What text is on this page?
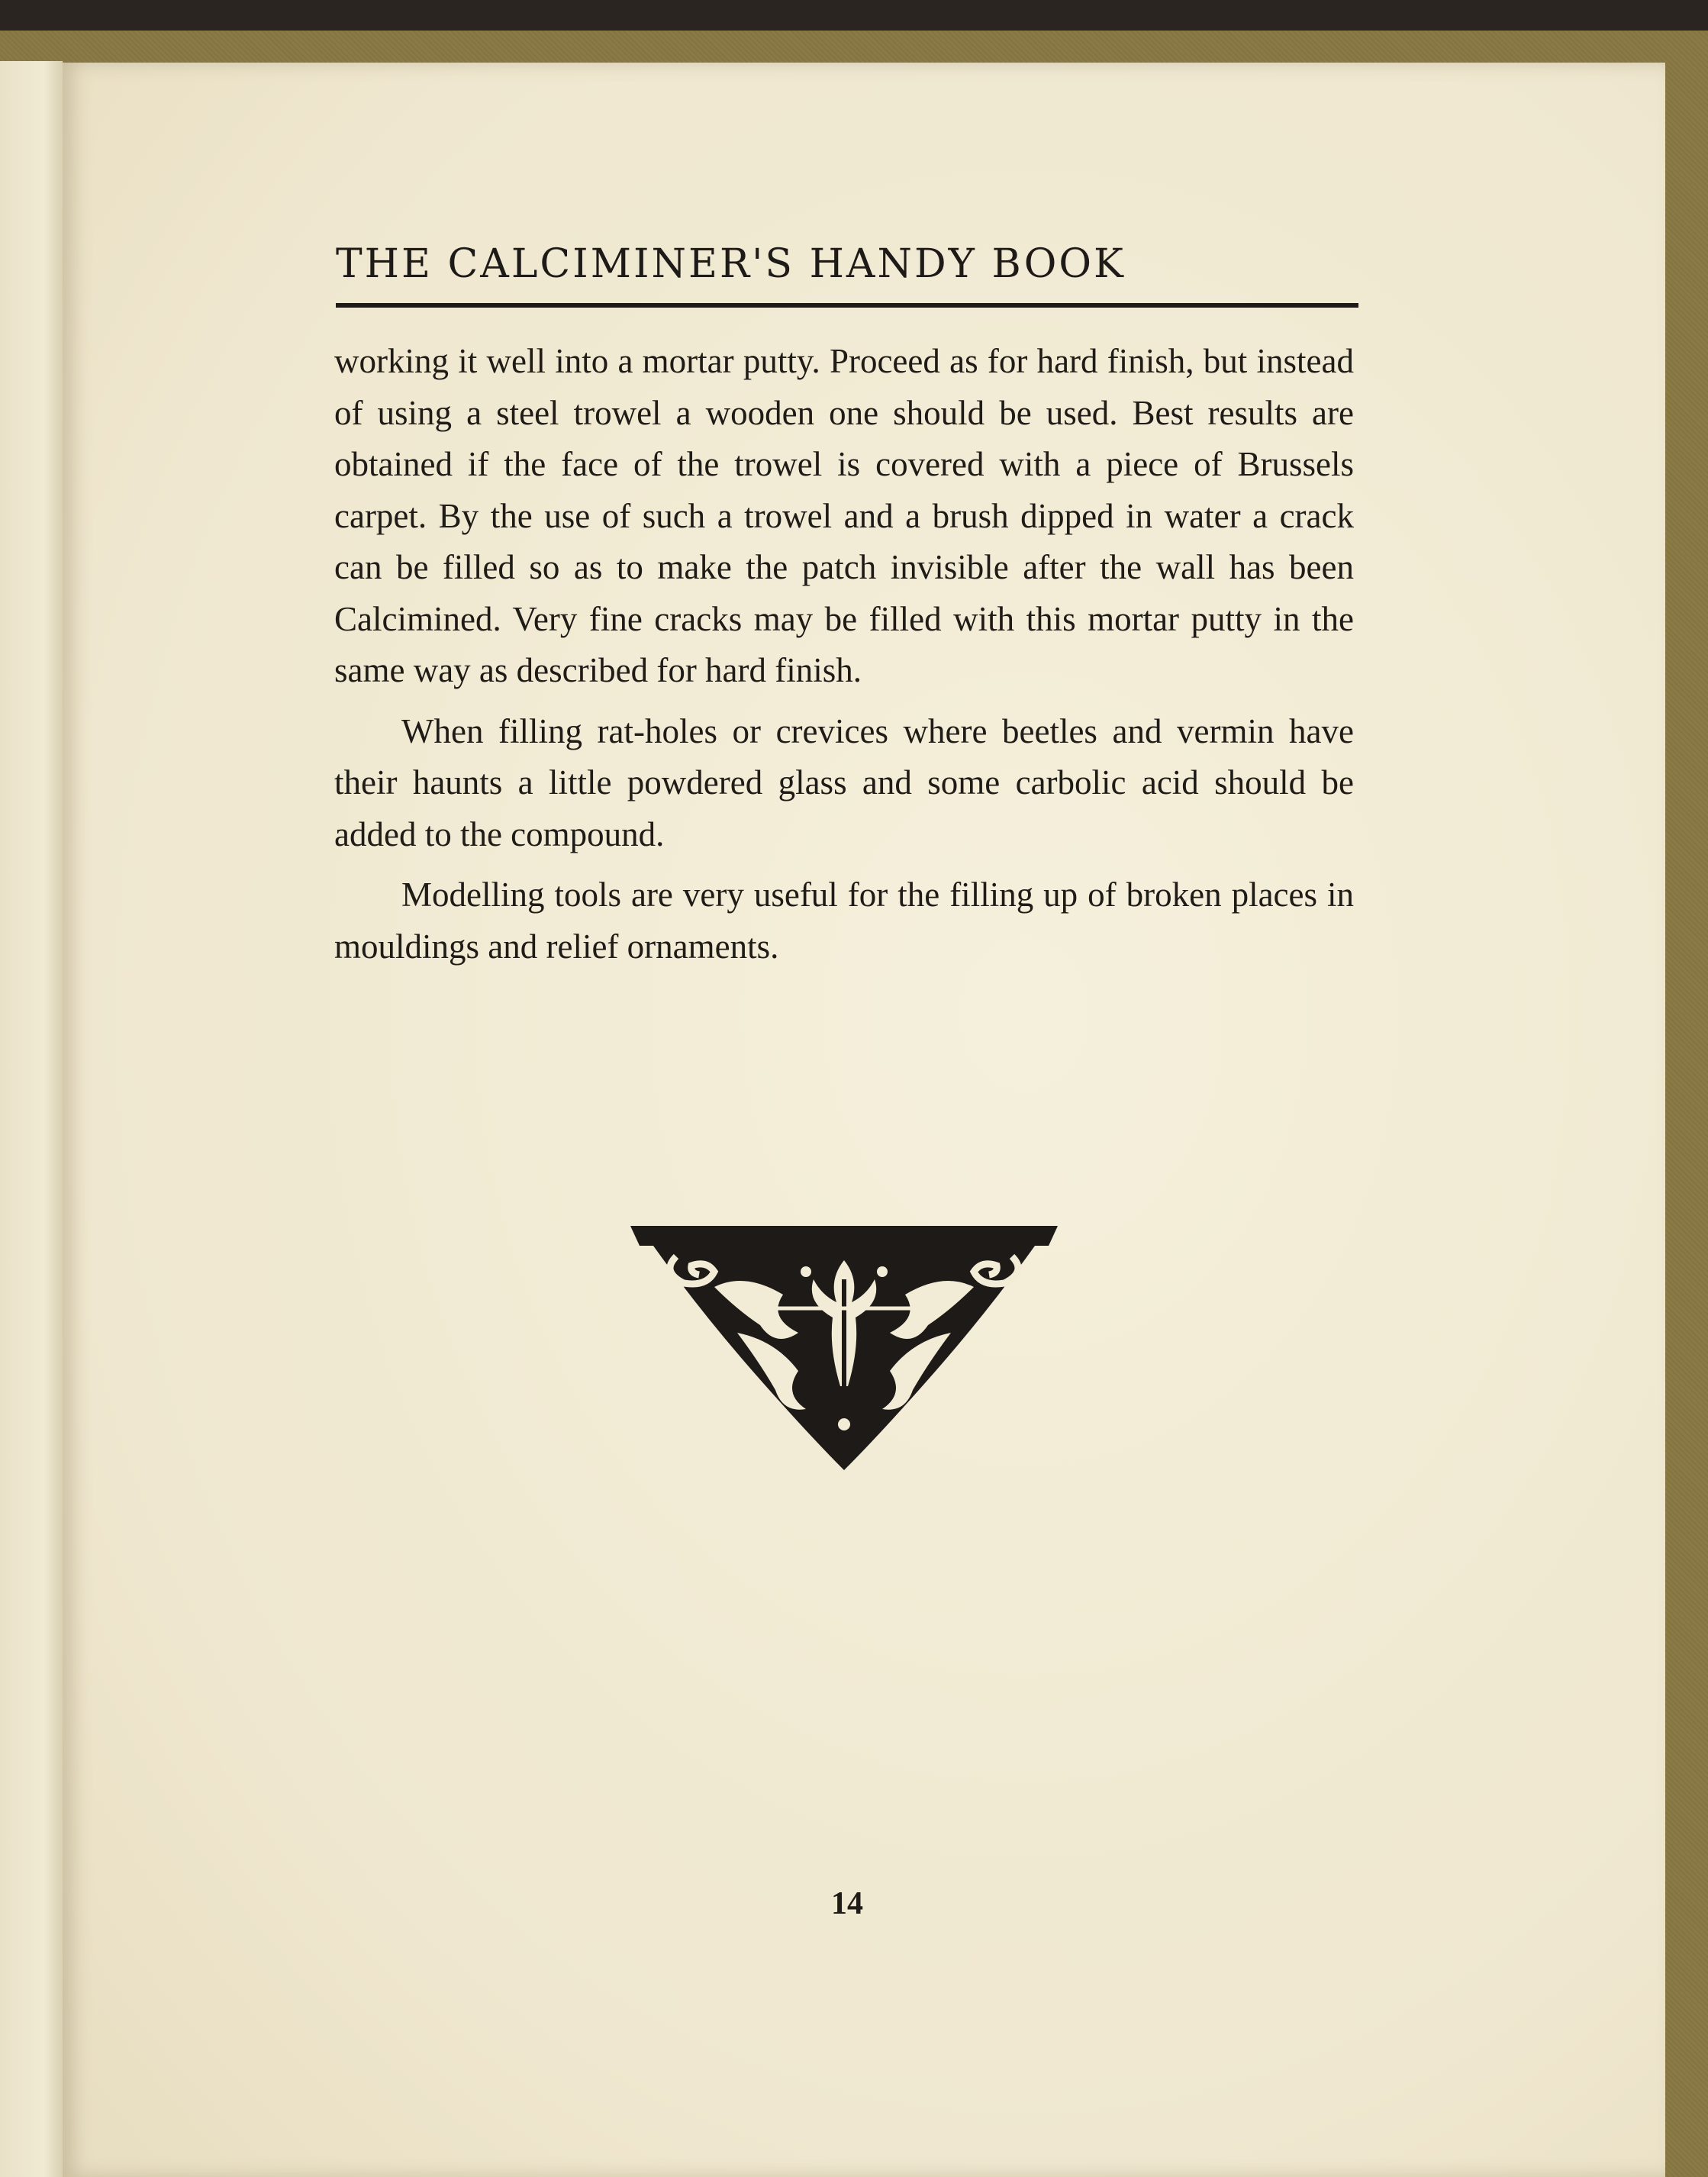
THE CALCIMINER'S HANDY BOOK

working it well into a mortar putty. Proceed as for hard finish, but instead of using a steel trowel a wooden one should be used. Best results are obtained if the face of the trowel is covered with a piece of Brussels carpet. By the use of such a trowel and a brush dipped in water a crack can be filled so as to make the patch invisible after the wall has been Calcimined. Very fine cracks may be filled with this mortar putty in the same way as described for hard finish.

When filling rat-holes or crevices where beetles and vermin have their haunts a little powdered glass and some carbolic acid should be added to the compound.

Modelling tools are very useful for the filling up of broken places in mouldings and relief ornaments.

14
